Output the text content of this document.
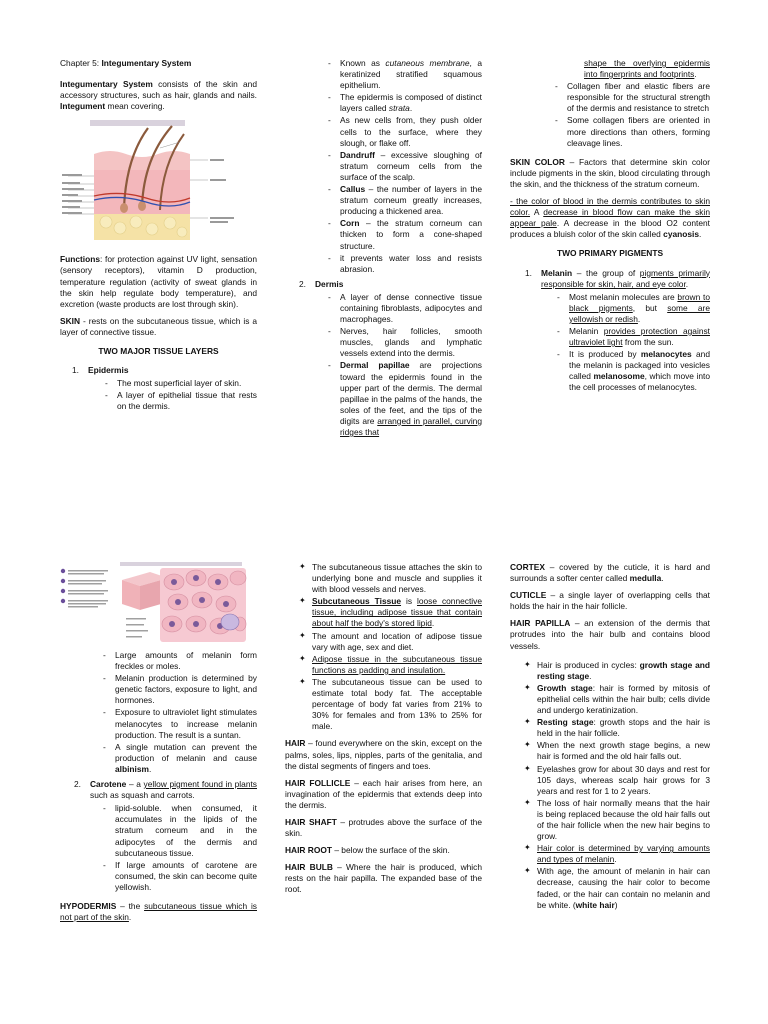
Chapter 5: Integumentary System

Integumentary System consists of the skin and accessory structures, such as hair, glands and nails. Integument mean covering.

Functions: for protection against UV light, sensation (sensory receptors), vitamin D production, temperature regulation (activity of sweat glands in the skin help regulate body temperature), and excretion (waste products are lost through skin).

SKIN - rests on the subcutaneous tissue, which is a layer of connective tissue.

TWO MAJOR TISSUE LAYERS

1.	Epidermis
- The most superficial layer of skin.
- A layer of epithelial tissue that rests on the dermis.
- Known as cutaneous membrane, a keratinized stratified squamous epithelium.
- The epidermis is composed of distinct layers called strata.
- As new cells from, they push older cells to the surface, where they slough, or flake off.
- Dandruff – excessive sloughing of stratum corneum cells from the surface of the scalp.
- Callus – the number of layers in the stratum corneum greatly increases, producing a thickened area.
- Corn – the stratum corneum can thicken to form a cone-shaped structure.
- it prevents water loss and resists abrasion.
2.	Dermis
- A layer of dense connective tissue containing fibroblasts, adipocytes and macrophages.
- Nerves, hair follicles, smooth muscles, glands and lymphatic vessels extend into the dermis.
- Dermal papillae are projections toward the epidermis found in the upper part of the dermis. The dermal papillae in the palms of the hands, the soles of the feet, and the tips of the digits are arranged in parallel, curving ridges that

shape the overlying epidermis into fingerprints and footprints.

- Collagen fiber and elastic fibers are responsible for the structural strength of the dermis and resistance to stretch
- Some collagen fibers are oriented in more directions than others, forming cleavage lines.

SKIN COLOR – Factors that determine skin color include pigments in the skin, blood circulating through the skin, and the thickness of the stratum corneum.

- the color of blood in the dermis contributes to skin color. A decrease in blood flow can make the skin appear pale. A decrease in the blood O2 content produces a bluish color of the skin called cyanosis.

TWO PRIMARY PIGMENTS

1.	Melanin – the group of pigments primarily responsible for skin, hair, and eye color.
- Most melanin molecules are brown to black pigments, but some are yellowish or redish.
- Melanin provides protection against ultraviolet light from the sun.
- It is produced by melanocytes and the melanin is packaged into vesicles called melanosome, which move into the cell processes of melanocytes.
- Large amounts of melanin form freckles or moles.
- Melanin production is determined by genetic factors, exposure to light, and hormones.
- Exposure to ultraviolet light stimulates melanocytes to increase melanin production. The result is a suntan.
- A single mutation can prevent the production of melanin and cause albinism.
2.	Carotene – a yellow pigment found in plants such as squash and carrots.
- lipid-soluble. when consumed, it accumulates in the lipids of the stratum corneum and in the adipocytes of the dermis and subcutaneous tissue.
- If large amounts of carotene are consumed, the skin can become quite yellowish.

HYPODERMIS – the subcutaneous tissue which is not part of the skin.

✦ The subcutaneous tissue attaches the skin to underlying bone and muscle and supplies it with blood vessels and nerves.
✦ Subcutaneous Tissue is loose connective tissue, including adipose tissue that contain about half the body's stored lipid.
✦ The amount and location of adipose tissue vary with age, sex and diet.
✦ Adipose tissue in the subcutaneous tissue functions as padding and insulation.
✦ The subcutaneous tissue can be used to estimate total body fat. The acceptable percentage of body fat varies from 21% to 30% for females and from 13% to 25% for male.

HAIR – found everywhere on the skin, except on the palms, soles, lips, nipples, parts of the genitalia, and the distal segments of fingers and toes.

HAIR FOLLICLE – each hair arises from here, an invagination of the epidermis that extends deep into the dermis.

HAIR SHAFT – protrudes above the surface of the skin.

HAIR ROOT – below the surface of the skin.

HAIR BULB – Where the hair is produced, which rests on the hair papilla. The expanded base of the root.

CORTEX – covered by the cuticle, it is hard and surrounds a softer center called medulla.

CUTICLE – a single layer of overlapping cells that holds the hair in the hair follicle.

HAIR PAPILLA – an extension of the dermis that protrudes into the hair bulb and contains blood vessels.

✦ Hair is produced in cycles: growth stage and resting stage.
✦ Growth stage: hair is formed by mitosis of epithelial cells within the hair bulb; cells divide and undergo keratinization.
✦ Resting stage: growth stops and the hair is held in the hair follicle.
✦ When the next growth stage begins, a new hair is formed and the old hair falls out.
✦ Eyelashes grow for about 30 days and rest for 105 days, whereas scalp hair grows for 3 years and rest for 1 to 2 years.
✦ The loss of hair normally means that the hair is being replaced because the old hair falls out of the hair follicle when the new hair begins to grow.
✦ Hair color is determined by varying amounts and types of melanin.
✦ With age, the amount of melanin in hair can decrease, causing the hair color to become faded, or the hair can contain no melanin and be white. (white hair)
